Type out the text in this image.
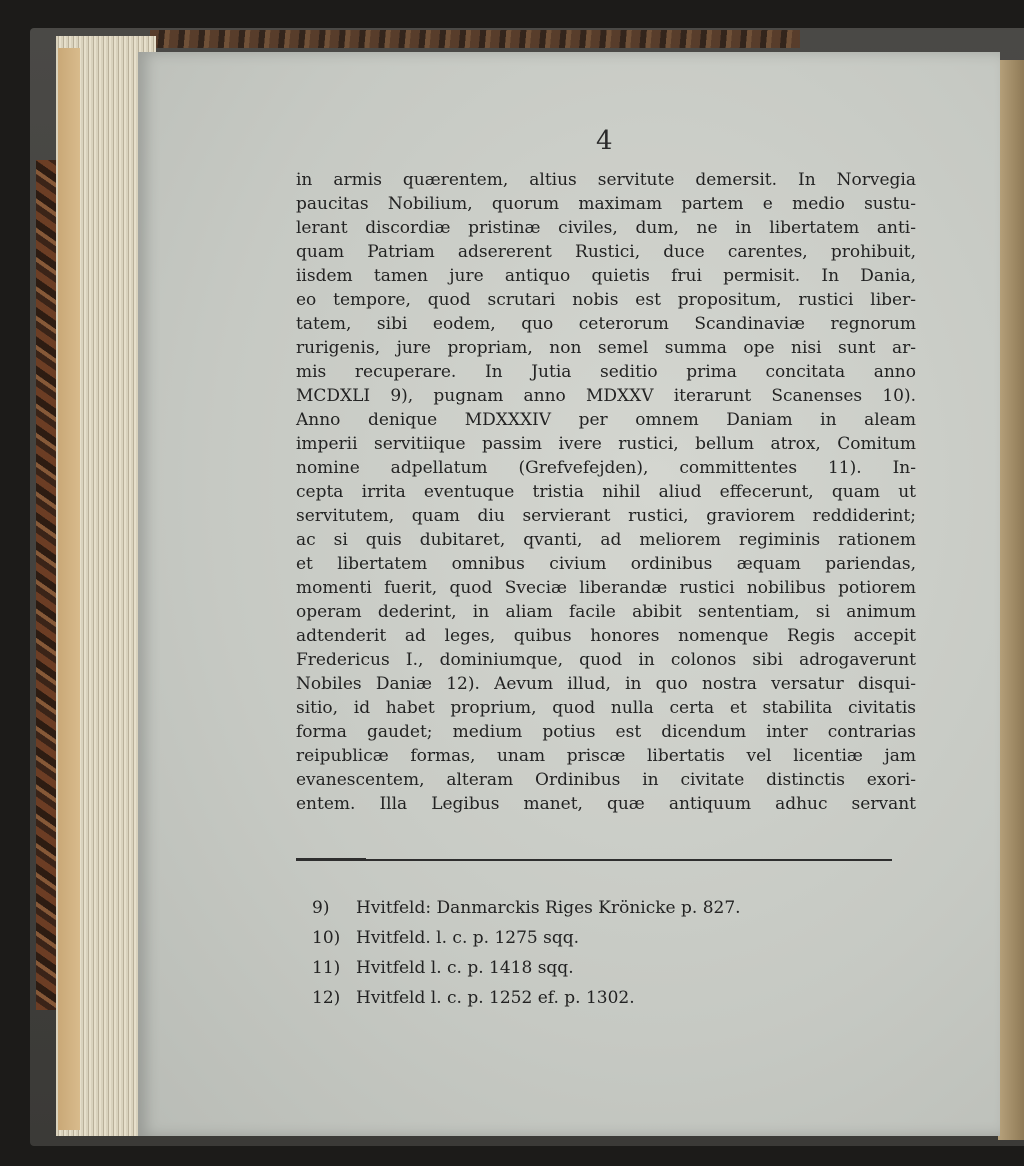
4
in armis quærentem, altius servitute demersit. In Norvegia
paucitas Nobilium, quorum maximam partem e medio sustu-
lerant discordiæ pristinæ civiles, dum, ne in libertatem anti-
quam Patriam adsererent Rustici, duce carentes, prohibuit,
iisdem tamen jure antiquo quietis frui permisit. In Dania,
eo tempore, quod scrutari nobis est propositum, rustici liber-
tatem, sibi eodem, quo ceterorum Scandinaviæ regnorum
rurigenis, jure propriam, non semel summa ope nisi sunt ar-
mis recuperare. In Jutia seditio prima concitata anno
MCDXLI 9), pugnam anno MDXXV iterarunt Scanenses 10).
Anno denique MDXXXIV per omnem Daniam in aleam
imperii servitiique passim ivere rustici, bellum atrox, Comitum
nomine adpellatum (Grefvefejden), committentes 11). In-
cepta irrita eventuque tristia nihil aliud effecerunt, quam ut
servitutem, quam diu servierant rustici, graviorem reddiderint;
ac si quis dubitaret, qvanti, ad meliorem regiminis rationem
et libertatem omnibus civium ordinibus æquam pariendas,
momenti fuerit, quod Sveciæ liberandæ rustici nobilibus potiorem
operam dederint, in aliam facile abibit sententiam, si animum
adtenderit ad leges, quibus honores nomenque Regis accepit
Fredericus I., dominiumque, quod in colonos sibi adrogaverunt
Nobiles Daniæ 12). Aevum illud, in quo nostra versatur disqui-
sitio, id habet proprium, quod nulla certa et stabilita civitatis
forma gaudet; medium potius est dicendum inter contrarias
reipublicæ formas, unam priscæ libertatis vel licentiæ jam
evanescentem, alteram Ordinibus in civitate distinctis exori-
entem. Illa Legibus manet, quæ antiquum adhuc servant
9) Hvitfeld: Danmarckis Riges Krönicke p. 827.
10) Hvitfeld. l. c. p. 1275 sqq.
11) Hvitfeld l. c. p. 1418 sqq.
12) Hvitfeld l. c. p. 1252 ef. p. 1302.
